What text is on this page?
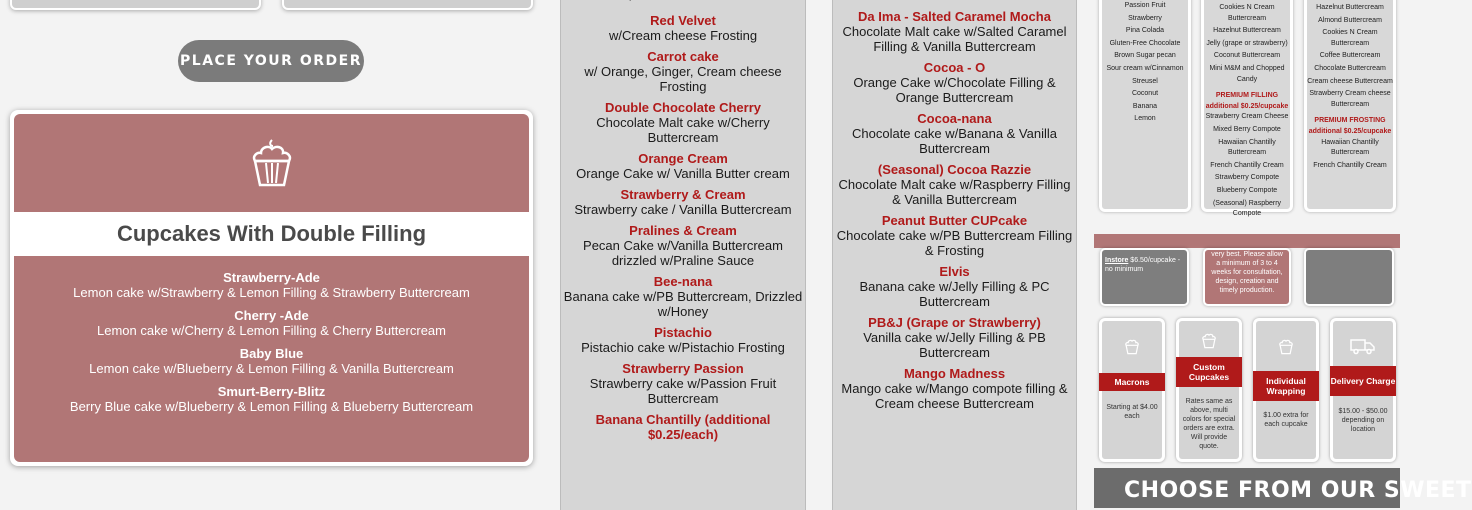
PLACE YOUR ORDER
Cupcakes With Double Filling
Strawberry-Ade
Lemon cake w/Strawberry & Lemon Filling & Strawberry Buttercream
Cherry -Ade
Lemon cake w/Cherry & Lemon Filling & Cherry Buttercream
Baby Blue
Lemon cake w/Blueberry & Lemon Filling & Vanilla Buttercream
Smurt-Berry-Blitz
Berry Blue cake w/Blueberry & Lemon Filling & Blueberry Buttercream
Red Velvet
w/Cream cheese Frosting
Carrot cake
w/ Orange, Ginger, Cream cheese Frosting
Double Chocolate Cherry
Chocolate Malt cake w/Cherry Buttercream
Orange Cream
Orange Cake w/ Vanilla Butter cream
Strawberry & Cream
Strawberry cake / Vanilla Buttercream
Pralines & Cream
Pecan Cake w/Vanilla Buttercream drizzled w/Praline Sauce
Bee-nana
Banana cake w/PB Buttercream, Drizzled w/Honey
Pistachio
Pistachio cake w/Pistachio Frosting
Strawberry Passion
Strawberry cake w/Passion Fruit Buttercream
Banana Chantilly (additional $0.25/each)
Da Ima - Salted Caramel Mocha
Chocolate Malt cake w/Salted Caramel Filling & Vanilla Buttercream
Cocoa - O
Orange Cake w/Chocolate Filling & Orange Buttercream
Cocoa-nana
Chocolate cake w/Banana & Vanilla Buttercream
(Seasonal) Cocoa Razzie
Chocolate Malt cake w/Raspberry Filling & Vanilla Buttercream
Peanut Butter CUPcake
Chocolate cake w/PB Buttercream Filling & Frosting
Elvis
Banana cake w/Jelly Filling & PC Buttercream
PB&J (Grape or Strawberry)
Vanilla cake w/Jelly Filling & PB Buttercream
Mango Madness
Mango cake w/Mango compote filling & Cream cheese Buttercream
Passion Fruit
Strawberry
Pina Colada
Gluten-Free Chocolate
Brown Sugar pecan
Sour cream w/Cinnamon
Streusel
Coconut
Banana
Lemon
Cookies N Cream Buttercream
Hazelnut Buttercream
Jelly (grape or strawberry)
Coconut Buttercream
Mini M&M and Chopped Candy
PREMIUM FILLING additional $0.25/cupcake
Strawberry Cream Cheese
Mixed Berry Compote
Hawaiian Chantilly Buttercream
French Chantilly Cream
Strawberry Compote
Blueberry Compote
(Seasonal) Raspberry Compote
Hazelnut Buttercream
Almond Buttercream
Cookies N Cream Buttercream
Coffee Buttercream
Chocolate Buttercream
Cream cheese Buttercream
Strawberry Cream cheese Buttercream
PREMIUM FROSTING additional $0.25/cupcake
Hawaiian Chantilly Buttercream
French Chantilly Cream
Instore $6.50/cupcake - no minimum
very best. Please allow a minimum of 3 to 4 weeks for consultation, design, creation and timely production.
Macrons
Starting at $4.00 each
Custom Cupcakes
Rates same as above, multi colors for special orders are extra. Will provide quote.
Individual Wrapping
$1.00 extra for each cupcake
Delivery Charge
$15.00 - $50.00 depending on location
CHOOSE FROM OUR SWEET
